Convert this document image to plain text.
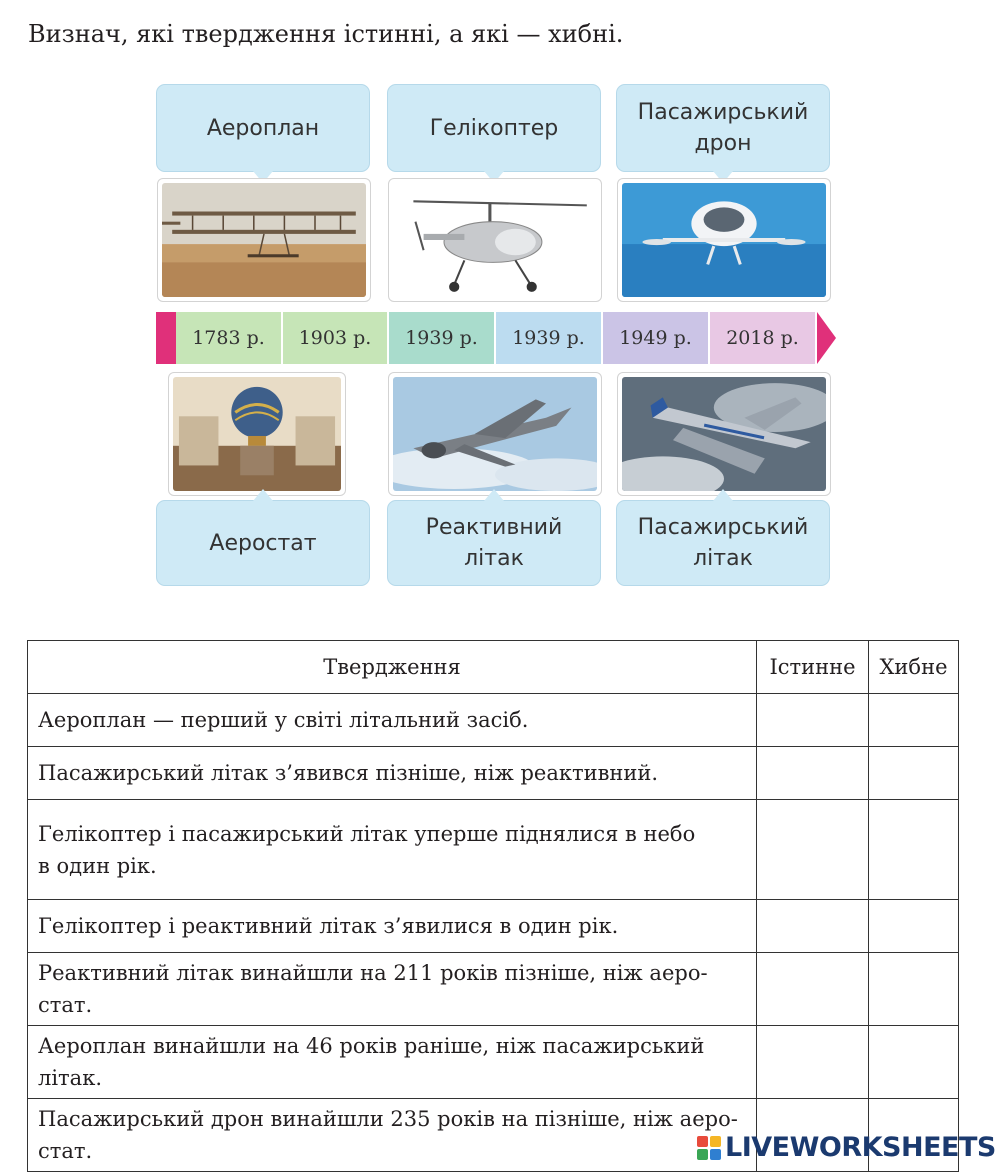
Визнач, які твердження істинні, а які — хибні.

Аероплан	Гелікоптер
Пасажирський
дрон
1783 р.	1903 р.	1939 р.	1939 р.	1949 р.	2018 р.
Аеростат
Реактивний
літак
Пасажирський
літак
Твердження	Істинне	Хибне
Аероплан — перший у світі літальний засіб.		
Пасажирський літак з’явився пізніше, ніж реактивний.		
Гелікоптер і пасажирський літак уперше піднялися в небо
в один рік.		
Гелікоптер і реактивний літак з’явилися в один рік.		
Реактивний літак винайшли на 211 років пізніше, ніж аеро-
стат.		
Аероплан винайшли на 46 років раніше, ніж пасажирський
літак.		
Пасажирський дрон винайшли 235 років на пізніше, ніж аеро-
стат.			LIVEWORKSHEETS
